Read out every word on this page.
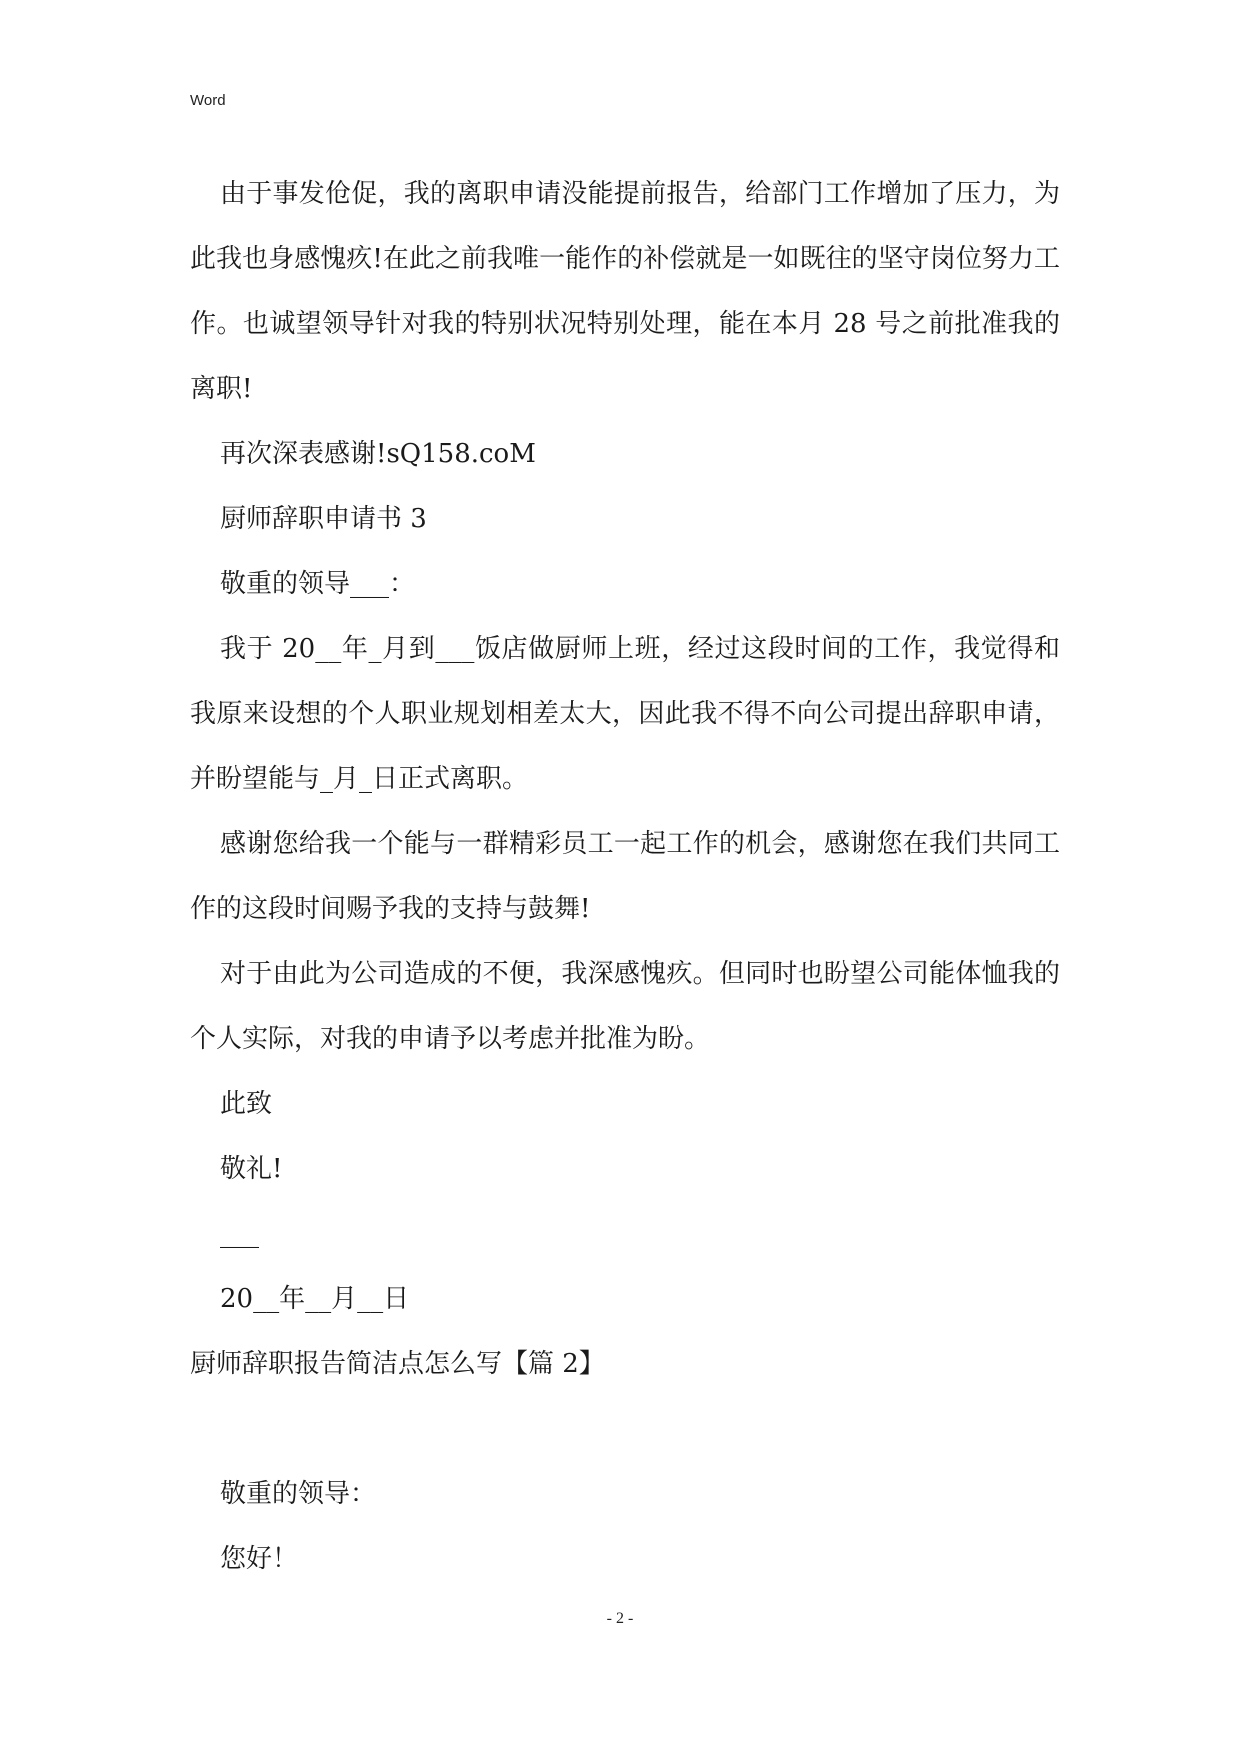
Word

由于事发伧促，我的离职申请没能提前报告，给部门工作增加了压力，为此我也身感愧疚!在此之前我唯一能作的补偿就是一如既往的坚守岗位努力工作。也诚望领导针对我的特别状况特别处理，能在本月 28 号之前批准我的离职!

再次深表感谢!sQ158.coM

厨师辞职申请书 3

敬重的领导___：

我于 20__年_月到___饭店做厨师上班，经过这段时间的工作，我觉得和我原来设想的个人职业规划相差太大，因此我不得不向公司提出辞职申请，并盼望能与_月_日正式离职。

感谢您给我一个能与一群精彩员工一起工作的机会，感谢您在我们共同工作的这段时间赐予我的支持与鼓舞!

对于由此为公司造成的不便，我深感愧疚。但同时也盼望公司能体恤我的个人实际，对我的申请予以考虑并批准为盼。

此致

敬礼!

___

20__年__月__日

厨师辞职报告简洁点怎么写【篇 2】

敬重的领导：

您好！

- 2 -
